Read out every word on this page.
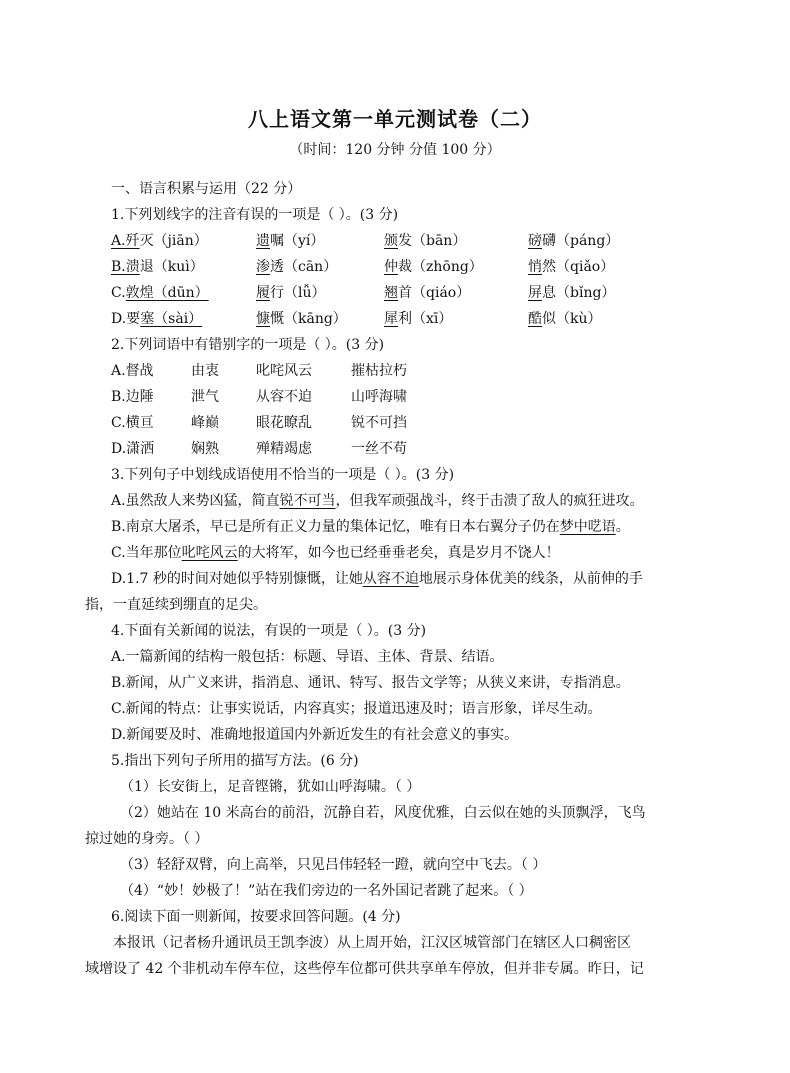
八上语文第一单元测试卷（二）
（时间：120 分钟 分值 100 分）
一、语言积累与运用（22 分）
1.下列划线字的注音有误的一项是（ ）。(3 分)
A.歼灭（jiān）	遗嘱（yí）	颁发（bān）	磅礴（páng）
B.溃退（kuì）	渗透（cān）	仲裁（zhōng）	悄然（qiǎo）
C.敦煌（dūn）	履行（lǚ）	翘首（qiáo）	屏息（bǐng）
D.要塞（sài）	慷慨（kāng）	犀利（xī）	酷似（kù）
2.下列词语中有错别字的一项是（ ）。(3 分)
A.督战	由衷	叱咤风云	摧枯拉朽
B.边陲	泄气	从容不迫	山呼海啸
C.横亘	峰巅	眼花瞭乱	锐不可挡
D.潇洒	娴熟	殚精竭虑	一丝不苟
3.下列句子中划线成语使用不恰当的一项是（ ）。(3 分)
A.虽然敌人来势凶猛，简直锐不可当，但我军顽强战斗，终于击溃了敌人的疯狂进攻。
B.南京大屠杀，早已是所有正义力量的集体记忆，唯有日本右翼分子仍在梦中呓语。
C.当年那位叱咤风云的大将军，如今也已经垂垂老矣，真是岁月不饶人！
D.1.7 秒的时间对她似乎特别慷慨，让她从容不迫地展示身体优美的线条，从前伸的手
指，一直延续到绷直的足尖。
4.下面有关新闻的说法，有误的一项是（ ）。(3 分)
A.一篇新闻的结构一般包括：标题、导语、主体、背景、结语。
B.新闻，从广义来讲，指消息、通讯、特写、报告文学等；从狭义来讲，专指消息。
C.新闻的特点：让事实说话，内容真实；报道迅速及时；语言形象，详尽生动。
D.新闻要及时、准确地报道国内外新近发生的有社会意义的事实。
5.指出下列句子所用的描写方法。(6 分)
（1）长安街上，足音铿锵，犹如山呼海啸。（ ）
（2）她站在 10 米高台的前沿，沉静自若，风度优雅，白云似在她的头顶飘浮，飞鸟
掠过她的身旁。（ ）
（3）轻舒双臂，向上高举，只见吕伟轻轻一蹬，就向空中飞去。（ ）
（4）“妙！妙极了！”站在我们旁边的一名外国记者跳了起来。（ ）
6.阅读下面一则新闻，按要求回答问题。(4 分)
本报讯（记者杨升通讯员王凯李波）从上周开始，江汉区城管部门在辖区人口稠密区
域增设了 42 个非机动车停车位，这些停车位都可供共享单车停放，但并非专属。昨日，记
